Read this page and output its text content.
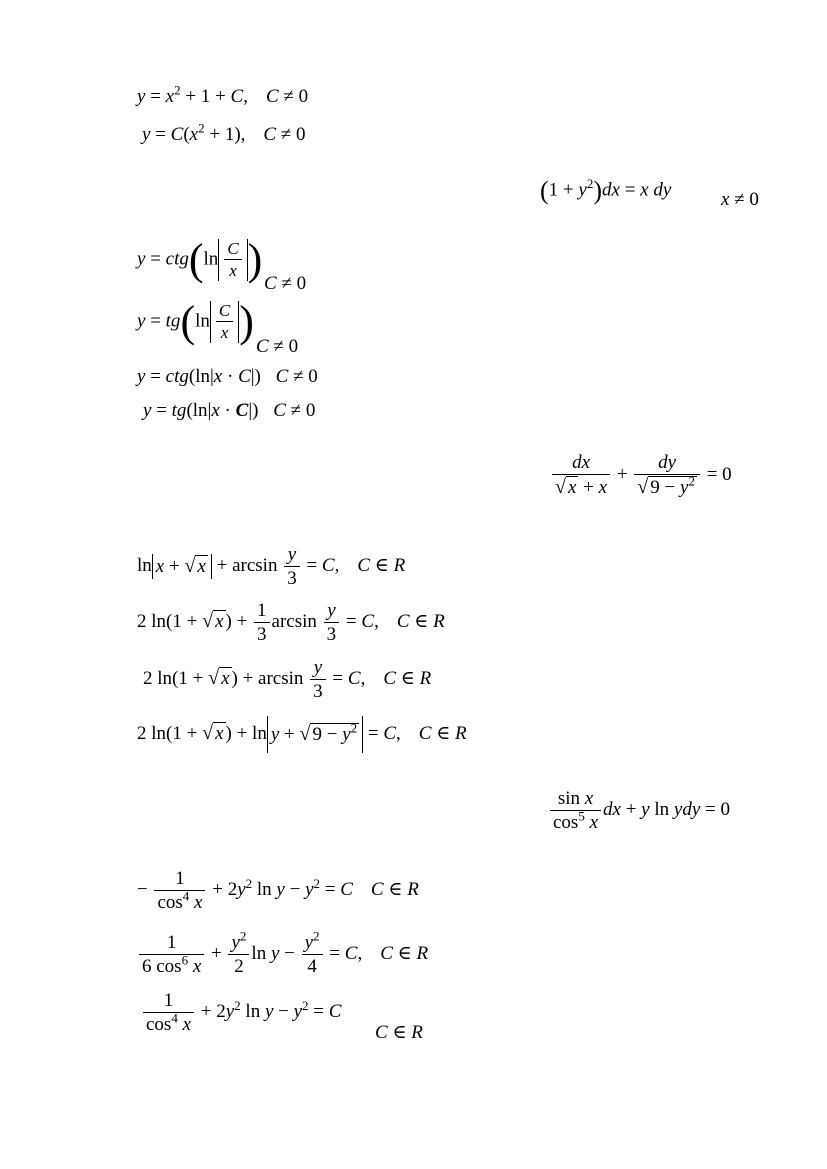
$y = x^2 + 1 + C$, C ≠ 0
$y = C(x^2 + 1)$, C ≠ 0
$(1 + y^2)dx = x$ dy	x ≠ 0
$y = ctg(\ln \frac{C}{x}$ ) C ≠ 0
$y = tg(\ln \frac{C}{x}$ )
C ≠ 0
y = ctg(ln|x · C|) C ≠ 0
y = tg(ln|x · C|) C ≠ 0
$\frac{dx}{√ x + x} + \frac{dy}{√ 9 - y^2} = 0$
ln x + √ $x + \arcsin \frac{y}{3} = C$, C ∈ R
2 ln(1 + √ x ) + $\frac{1}{3}$ $\arcsin \frac{y}{3} = C$, C ∈ R
2 ln(1 + √ x ) + $\arcsin \frac{y}{3} = C$, C ∈ R
2 ln(1 + √ x ) + ln y + √ $9 - y^2 = C$, C ∈ R
$\frac{\text{sin x}}{\cos^5 x}$ dx + y ln ydy = 0
− $\frac{1}{\cos^4 x} + 2y^2$ $\ln y - y^2 = C$ C ∈ R
$\frac{1}{6 \cos^6 x} + \frac{y^2}{2}$ $\ln y - \frac{y^2}{4} = C$, C ∈ R
$\frac{1}{\cos^4 x} + 2y^2$ $\ln y - y^2 = C$
C ∈ R
